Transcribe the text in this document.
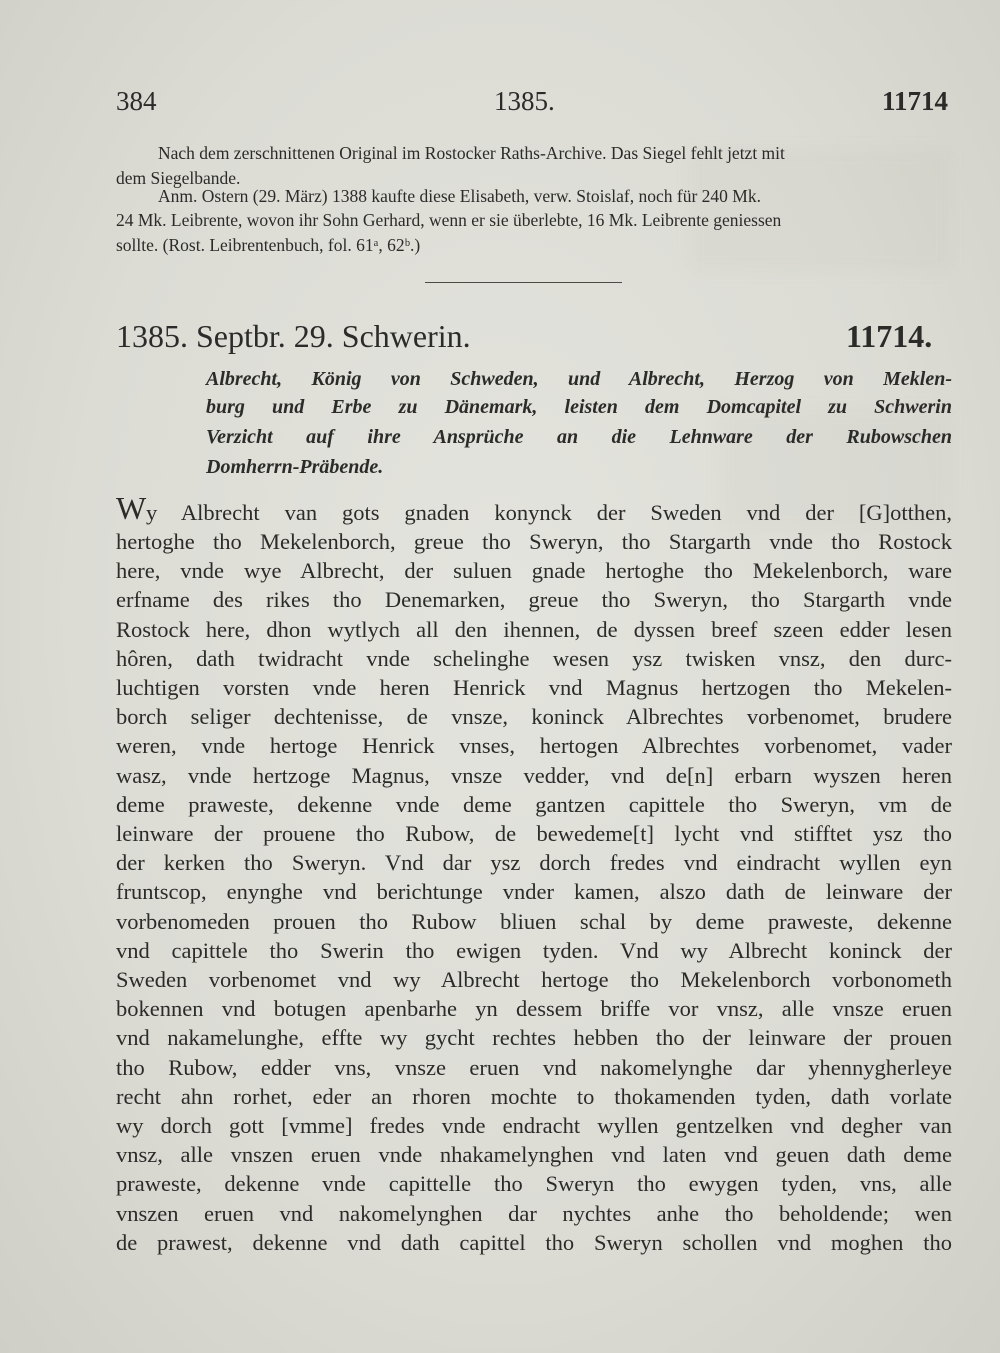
384	1385.	11714
Nach dem zerschnittenen Original im Rostocker Raths-Archive. Das Siegel fehlt jetzt mit
dem Siegelbande.
Anm. Ostern (29. März) 1388 kaufte diese Elisabeth, verw. Stoislaf, noch für 240 Mk.
24 Mk. Leibrente, wovon ihr Sohn Gerhard, wenn er sie überlebte, 16 Mk. Leibrente geniessen
sollte. (Rost. Leibrentenbuch, fol. 61ᵃ, 62ᵇ.)
1385. Septbr. 29. Schwerin.	11714.
Albrecht, König von Schweden, und Albrecht, Herzog von Meklen-
burg und Erbe zu Dänemark, leisten dem Domcapitel zu Schwerin
Verzicht auf ihre Ansprüche an die Lehnware der Rubowschen
Domherrn-Präbende.
W y Albrecht van gots gnaden konynck der Sweden vnd der [G]otthen,
hertoghe tho Mekelenborch, greue tho Sweryn, tho Stargarth vnde tho Rostock
here, vnde wye Albrecht, der suluen gnade hertoghe tho Mekelenborch, ware
erfname des rikes tho Denemarken, greue tho Sweryn, tho Stargarth vnde
Rostock here, dhon wytlych all den ihennen, de dyssen breef szeen edder lesen
hôren, dath twidracht vnde schelinghe wesen ysz twisken vnsz, den durc-
luchtigen vorsten vnde heren Henrick vnd Magnus hertzogen tho Mekelen-
borch seliger dechtenisse, de vnsze, koninck Albrechtes vorbenomet, brudere
weren, vnde hertoge Henrick vnses, hertogen Albrechtes vorbenomet, vader
wasz, vnde hertzoge Magnus, vnsze vedder, vnd de[n] erbarn wyszen heren
deme praweste, dekenne vnde deme gantzen capittele tho Sweryn, vm de
leinware der prouene tho Rubow, de bewedeme[t] lycht vnd stifftet ysz tho
der kerken tho Sweryn. Vnd dar ysz dorch fredes vnd eindracht wyllen eyn
fruntscop, enynghe vnd berichtunge vnder kamen, alszo dath de leinware der
vorbenomeden prouen tho Rubow bliuen schal by deme praweste, dekenne
vnd capittele tho Swerin tho ewigen tyden. Vnd wy Albrecht koninck der
Sweden vorbenomet vnd wy Albrecht hertoge tho Mekelenborch vorbonometh
bokennen vnd botugen apenbarhe yn dessem briffe vor vnsz, alle vnsze eruen
vnd nakamelunghe, effte wy gycht rechtes hebben tho der leinware der prouen
tho Rubow, edder vns, vnsze eruen vnd nakomelynghe dar yhennygherleye
recht ahn rorhet, eder an rhoren mochte to thokamenden tyden, dath vorlate
wy dorch gott [vmme] fredes vnde endracht wyllen gentzelken vnd degher van
vnsz, alle vnszen eruen vnde nhakamelynghen vnd laten vnd geuen dath deme
praweste, dekenne vnde capittelle tho Sweryn tho ewygen tyden, vns, alle
vnszen eruen vnd nakomelynghen dar nychtes anhe tho beholdende; wen
de prawest, dekenne vnd dath capittel tho Sweryn schollen vnd moghen tho
